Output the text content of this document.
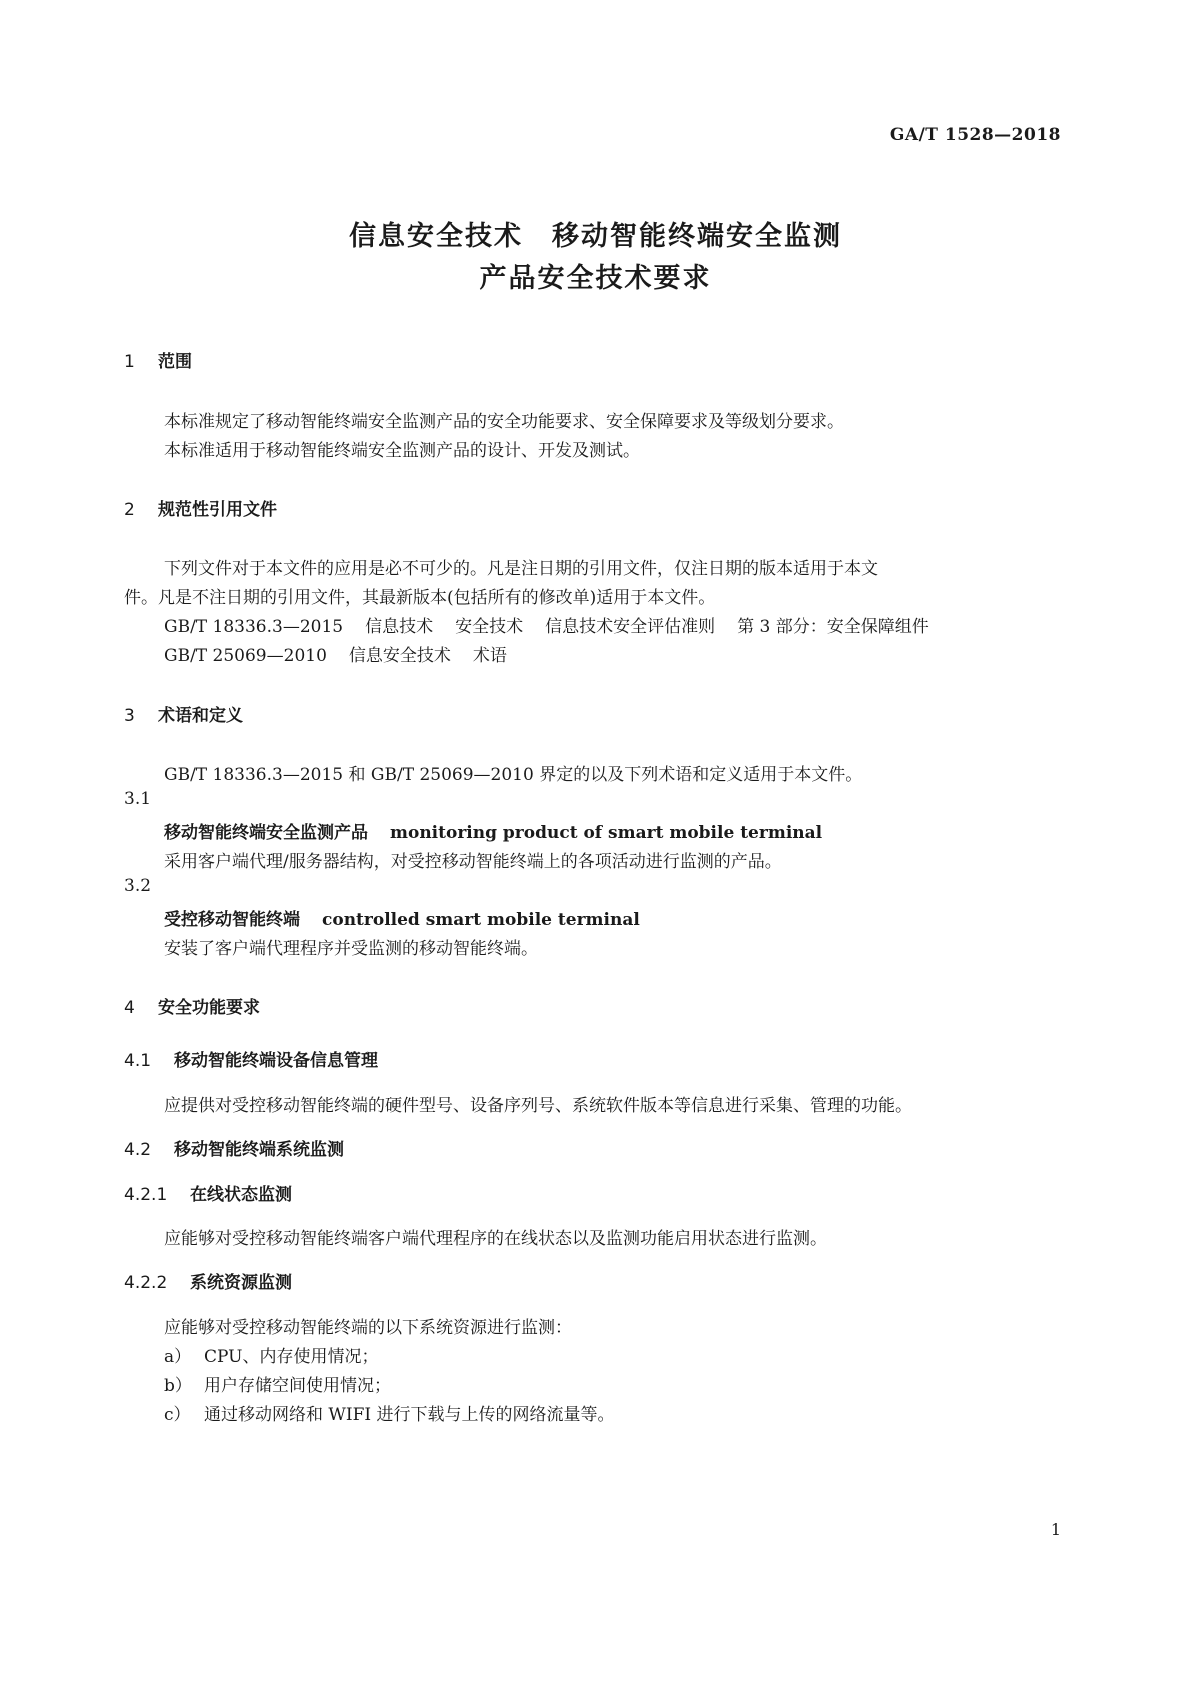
GA/T 1528—2018
信息安全技术　移动智能终端安全监测
产品安全技术要求
1 范围
本标准规定了移动智能终端安全监测产品的安全功能要求、安全保障要求及等级划分要求。
本标准适用于移动智能终端安全监测产品的设计、开发及测试。
2 规范性引用文件
下列文件对于本文件的应用是必不可少的。凡是注日期的引用文件，仅注日期的版本适用于本文
件。凡是不注日期的引用文件，其最新版本(包括所有的修改单)适用于本文件。
GB/T 18336.3—2015 信息技术 安全技术 信息技术安全评估准则 第 3 部分：安全保障组件
GB/T 25069—2010 信息安全技术 术语
3 术语和定义
GB/T 18336.3—2015 和 GB/T 25069—2010 界定的以及下列术语和定义适用于本文件。
3.1
移动智能终端安全监测产品 monitoring product of smart mobile terminal
采用客户端代理/服务器结构，对受控移动智能终端上的各项活动进行监测的产品。
3.2
受控移动智能终端 controlled smart mobile terminal
安装了客户端代理程序并受监测的移动智能终端。
4 安全功能要求
4.1 移动智能终端设备信息管理
应提供对受控移动智能终端的硬件型号、设备序列号、系统软件版本等信息进行采集、管理的功能。
4.2 移动智能终端系统监测
4.2.1 在线状态监测
应能够对受控移动智能终端客户端代理程序的在线状态以及监测功能启用状态进行监测。
4.2.2 系统资源监测
应能够对受控移动智能终端的以下系统资源进行监测：
a） CPU、内存使用情况；
b） 用户存储空间使用情况；
c） 通过移动网络和 WIFI 进行下载与上传的网络流量等。
1
